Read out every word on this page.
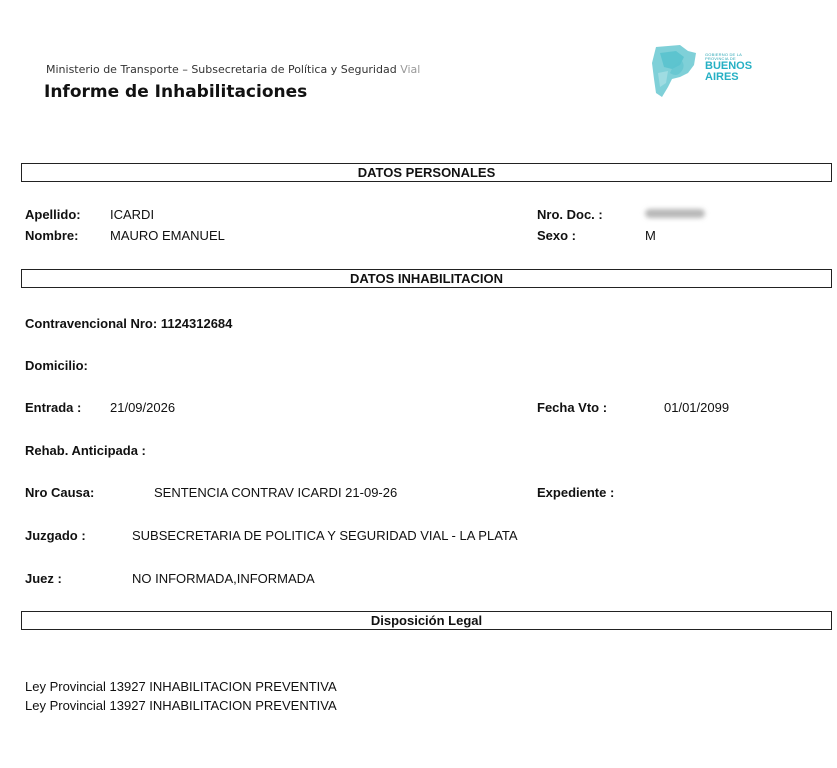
Ministerio de Transporte – Subsecretaria de Política y Seguridad Vial
Informe de Inhabilitaciones
GOBIERNO DE LA
PROVINCIA DE
BUENOS
AIRES
DATOS PERSONALES
Apellido: ICARDI
Nombre: MAURO EMANUEL
Nro. Doc. :
Sexo :	M
DATOS INHABILITACION
Contravencional Nro: 1124312684
Domicilio:
Entrada : 21/09/2026	Fecha Vto :	01/01/2099
Rehab. Anticipada :
Nro Causa:	SENTENCIA CONTRAV ICARDI 21-09-26	Expediente :
Juzgado :	SUBSECRETARIA DE POLITICA Y SEGURIDAD VIAL - LA PLATA
Juez :	NO INFORMADA,INFORMADA
Disposición Legal
Ley Provincial 13927 INHABILITACION PREVENTIVA
Ley Provincial 13927 INHABILITACION PREVENTIVA
